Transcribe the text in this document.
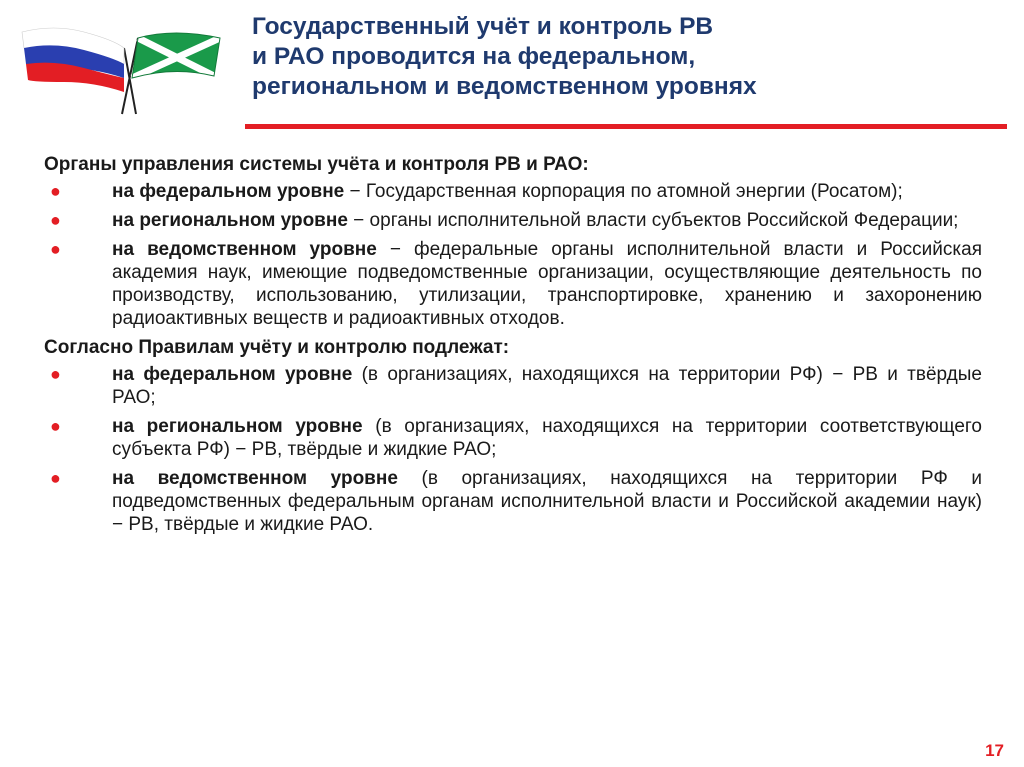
Государственный учёт и контроль РВ
и РАО проводится на федеральном,
региональном и ведомственном уровнях
Органы управления системы учёта и контроля РВ и РАО:
●	на федеральном уровне − Государственная корпорация по атомной энергии (Росатом);
●	на региональном уровне − органы исполнительной власти субъектов Российской Федерации;
●	на ведомственном уровне − федеральные органы исполнительной власти и Российская академия наук, имеющие подведомственные организации, осуществляющие деятельность по производству, использованию, утилизации, транспортировке, хранению и захоронению радиоактивных веществ и радиоактивных отходов.
Согласно Правилам учёту и контролю подлежат:
●	на федеральном уровне (в организациях, находящихся на территории РФ) − РВ и твёрдые РАО;
●	на региональном уровне (в организациях, находящихся на территории соответствующего субъекта РФ) − РВ, твёрдые и жидкие РАО;
●	на ведомственном уровне (в организациях, находящихся на территории РФ и подведомственных федеральным органам исполнительной власти и Российской академии наук) − РВ, твёрдые и жидкие РАО.
17
